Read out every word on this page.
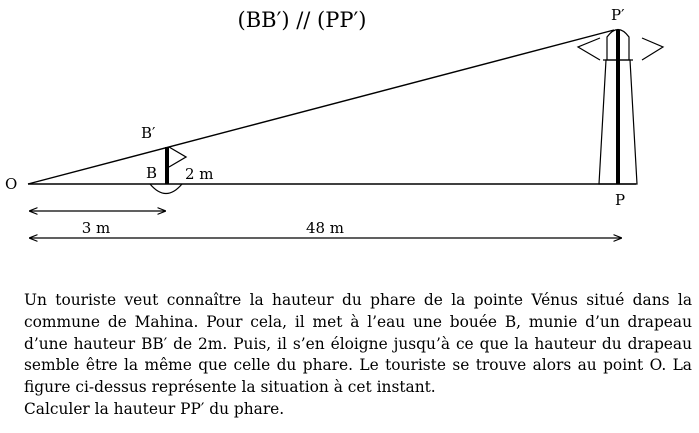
(BB′) // (PP′)
O
B′
B 2 m
P′
P
3 m	48 m

Un touriste veut connaître la hauteur du phare de la pointe Vénus situé dans la commune de Mahina. Pour cela, il met à l’eau une bouée B, munie d’un drapeau d’une hauteur BB′ de 2m. Puis, il s’en éloigne jusqu’à ce que la hauteur du drapeau semble être la même que celle du phare. Le touriste se trouve alors au point O. La figure ci-dessus représente la situation à cet instant.

Calculer la hauteur PP′ du phare.
